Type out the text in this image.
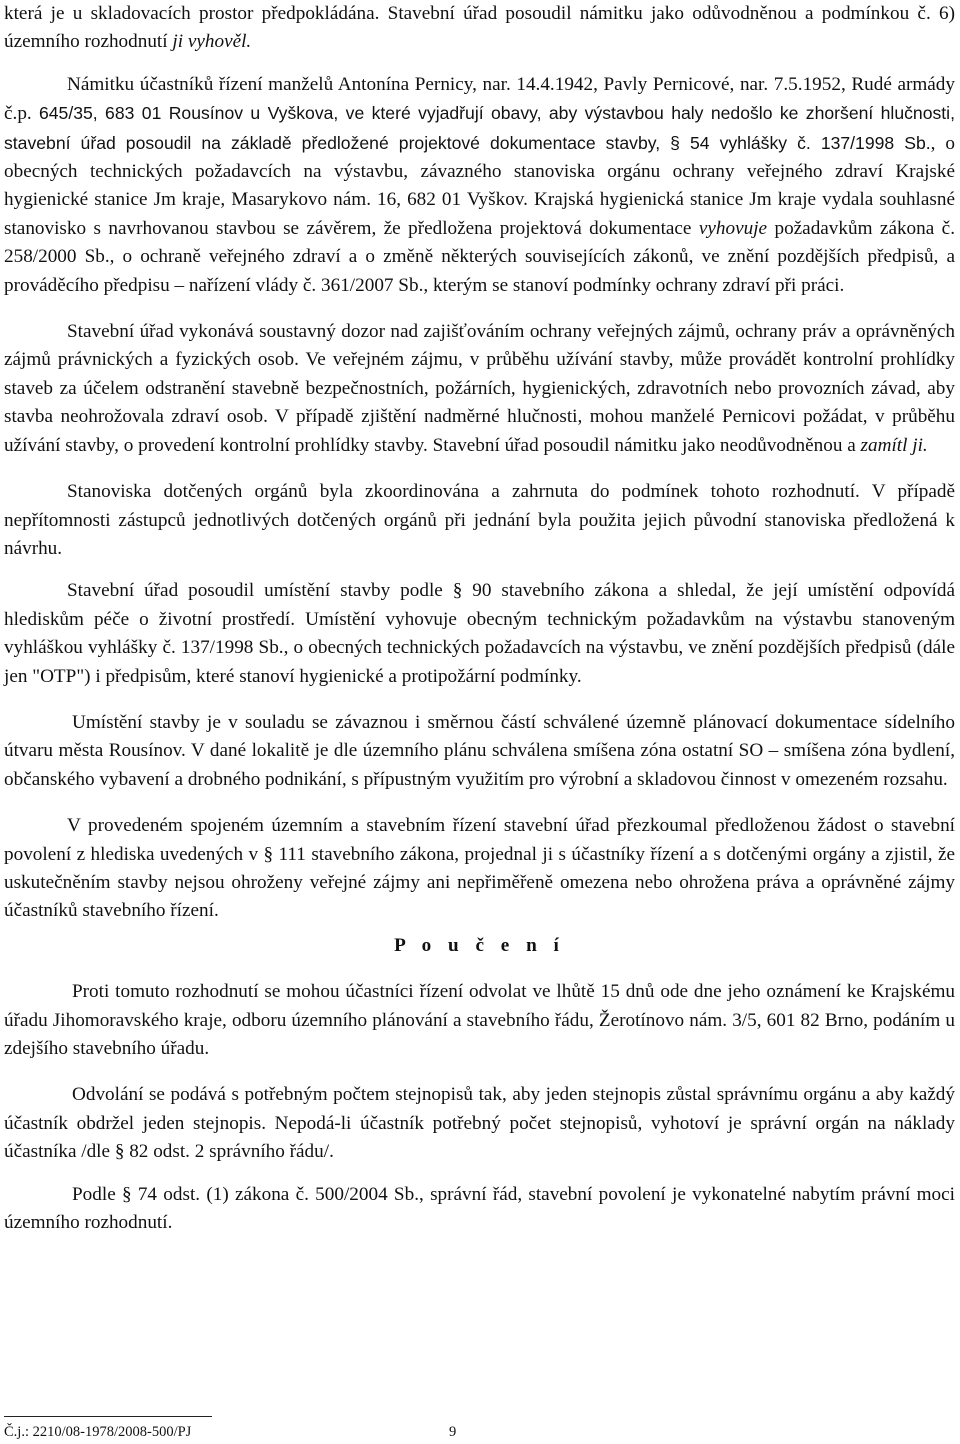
která je u skladovacích prostor předpokládána. Stavební úřad posoudil námitku jako odůvodněnou a podmínkou č. 6) územního rozhodnutí ji vyhověl.

Námitku účastníků řízení manželů Antonína Pernicy, nar. 14.4.1942, Pavly Pernicové, nar. 7.5.1952, Rudé armády č.p. 645/35, 683 01 Rousínov u Vyškova, ve které vyjadřují obavy, aby výstavbou haly nedošlo ke zhoršení hlučnosti, stavební úřad posoudil na základě předložené projektové dokumentace stavby, § 54 vyhlášky č. 137/1998 Sb., o obecných technických požadavcích na výstavbu, závazného stanoviska orgánu ochrany veřejného zdraví Krajské hygienické stanice Jm kraje, Masarykovo nám. 16, 682 01 Vyškov. Krajská hygienická stanice Jm kraje vydala souhlasné stanovisko s navrhovanou stavbou se závěrem, že předložena projektová dokumentace vyhovuje požadavkům zákona č. 258/2000 Sb., o ochraně veřejného zdraví a o změně některých souvisejících zákonů, ve znění pozdějších předpisů, a prováděcího předpisu – nařízení vlády č. 361/2007 Sb., kterým se stanoví podmínky ochrany zdraví při práci.

Stavební úřad vykonává soustavný dozor nad zajišťováním ochrany veřejných zájmů, ochrany práv a oprávněných zájmů právnických a fyzických osob. Ve veřejném zájmu, v průběhu užívání stavby, může provádět kontrolní prohlídky staveb za účelem odstranění stavebně bezpečnostních, požárních, hygienických, zdravotních nebo provozních závad, aby stavba neohrožovala zdraví osob. V případě zjištění nadměrné hlučnosti, mohou manželé Pernicovi požádat, v průběhu užívání stavby, o provedení kontrolní prohlídky stavby. Stavební úřad posoudil námitku jako neodůvodněnou a zamítl ji.

Stanoviska dotčených orgánů byla zkoordinována a zahrnuta do podmínek tohoto rozhodnutí. V případě nepřítomnosti zástupců jednotlivých dotčených orgánů při jednání byla použita jejich původní stanoviska předložená k návrhu.

Stavební úřad posoudil umístění stavby podle § 90 stavebního zákona a shledal, že její umístění odpovídá hlediskům péče o životní prostředí. Umístění vyhovuje obecným technickým požadavkům na výstavbu stanoveným vyhláškou vyhlášky č. 137/1998 Sb., o obecných technických požadavcích na výstavbu, ve znění pozdějších předpisů (dále jen "OTP") i předpisům, které stanoví hygienické a protipožární podmínky.

Umístění stavby je v souladu se závaznou i směrnou částí schválené územně plánovací dokumentace sídelního útvaru města Rousínov. V dané lokalitě je dle územního plánu schválena smíšena zóna ostatní SO – smíšena zóna bydlení, občanského vybavení a drobného podnikání, s přípustným využitím pro výrobní a skladovou činnost v omezeném rozsahu.

V provedeném spojeném územním a stavebním řízení stavební úřad přezkoumal předloženou žádost o stavební povolení z hlediska uvedených v § 111 stavebního zákona, projednal ji s účastníky řízení a s dotčenými orgány a zjistil, že uskutečněním stavby nejsou ohroženy veřejné zájmy ani nepřiměřeně omezena nebo ohrožena práva a oprávněné zájmy účastníků stavebního řízení.

P o u č e n í

Proti tomuto rozhodnutí se mohou účastníci řízení odvolat ve lhůtě 15 dnů ode dne jeho oznámení ke Krajskému úřadu Jihomoravského kraje, odboru územního plánování a stavebního řádu, Žerotínovo nám. 3/5, 601 82 Brno, podáním u zdejšího stavebního úřadu.

Odvolání se podává s potřebným počtem stejnopisů tak, aby jeden stejnopis zůstal správnímu orgánu a aby každý účastník obdržel jeden stejnopis. Nepodá-li účastník potřebný počet stejnopisů, vyhotoví je správní orgán na náklady účastníka /dle § 82 odst. 2 správního řádu/.

Podle § 74 odst. (1) zákona č. 500/2004 Sb., správní řád, stavební povolení je vykonatelné nabytím právní moci územního rozhodnutí.

Č.j.: 2210/08-1978/2008-500/PJ	9
